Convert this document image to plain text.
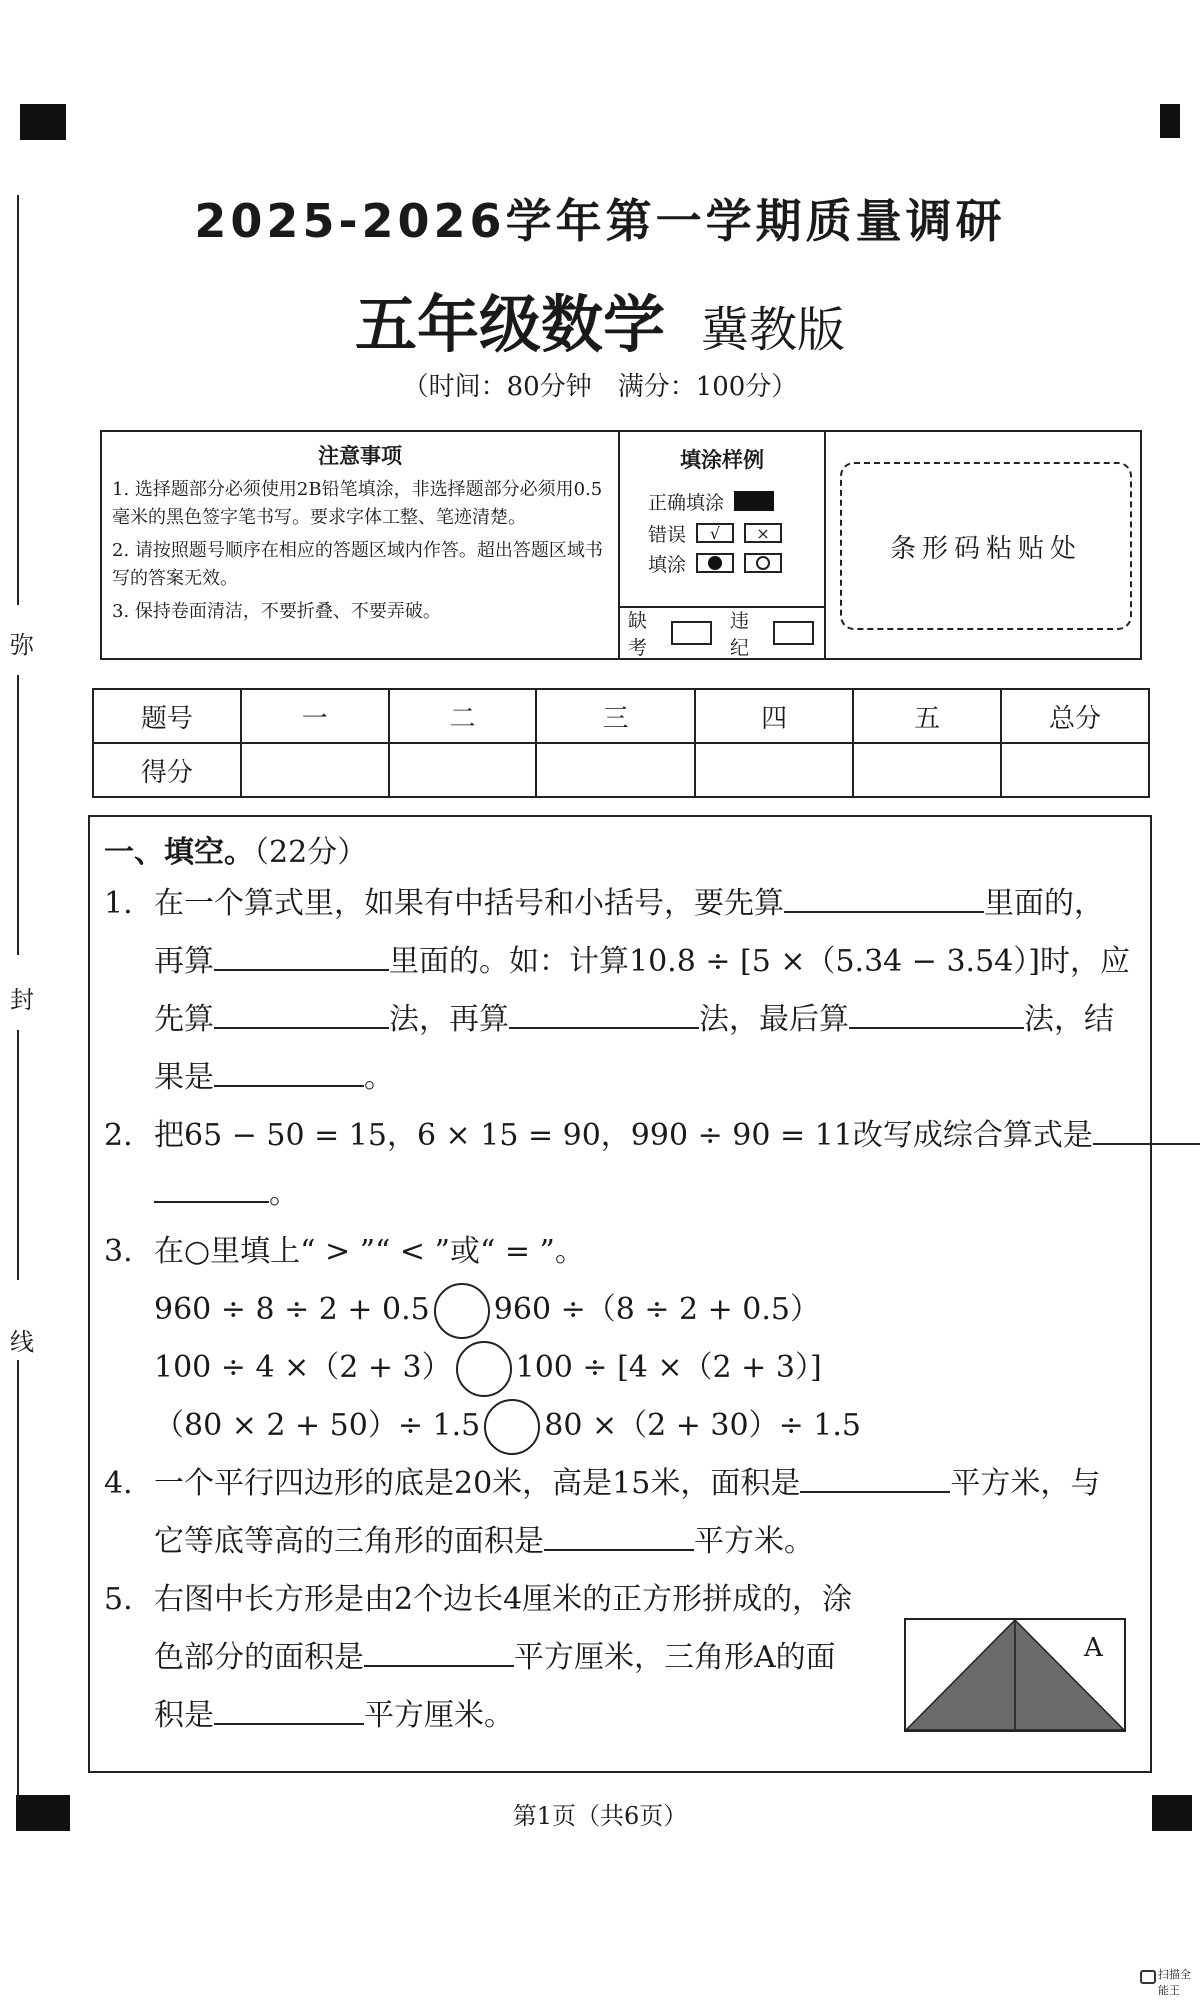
弥
封
线
2025-2026学年第一学期质量调研
五年级数学 冀教版
（时间：80分钟　满分：100分）
注意事项

1. 选择题部分必须使用2B铅笔填涂，非选择题部分必须用0.5毫米的黑色签字笔书写。要求字体工整、笔迹清楚。

2. 请按照题号顺序在相应的答题区域内作答。超出答题区域书写的答案无效。

3. 保持卷面清洁，不要折叠、不要弄破。

填涂样例
正确填涂
错误 √ ×
填涂
缺考
违纪
条形码粘贴处
题号	一	二	三	四	五	总分
得分						
一、填空。（22分）
1. 在一个算式里，如果有中括号和小括号，要先算	里面的，
再算	里面的。如：计算10.8 ÷ [5 ×（5.34 − 3.54）]时，应
先算	法，再算	法，最后算	法，结
果是	。
2. 把65 − 50 = 15，6 × 15 = 90，990 ÷ 90 = 11改写成综合算式是
。
3. 在○里填上“ > ”“ < ”或“ = ”。
960 ÷ 8 ÷ 2 + 0.5 960 ÷（8 ÷ 2 + 0.5）
100 ÷ 4 ×（2 + 3） 100 ÷ [4 ×（2 + 3）]
（80 × 2 + 50）÷ 1.5 80 ×（2 + 30）÷ 1.5
4. 一个平行四边形的底是20米，高是15米，面积是	平方米，与
它等底等高的三角形的面积是	平方米。
5. 右图中长方形是由2个边长4厘米的正方形拼成的，涂
色部分的面积是	平方厘米，三角形A的面
积是	平方厘米。
A
第1页（共6页）
扫描全能王
